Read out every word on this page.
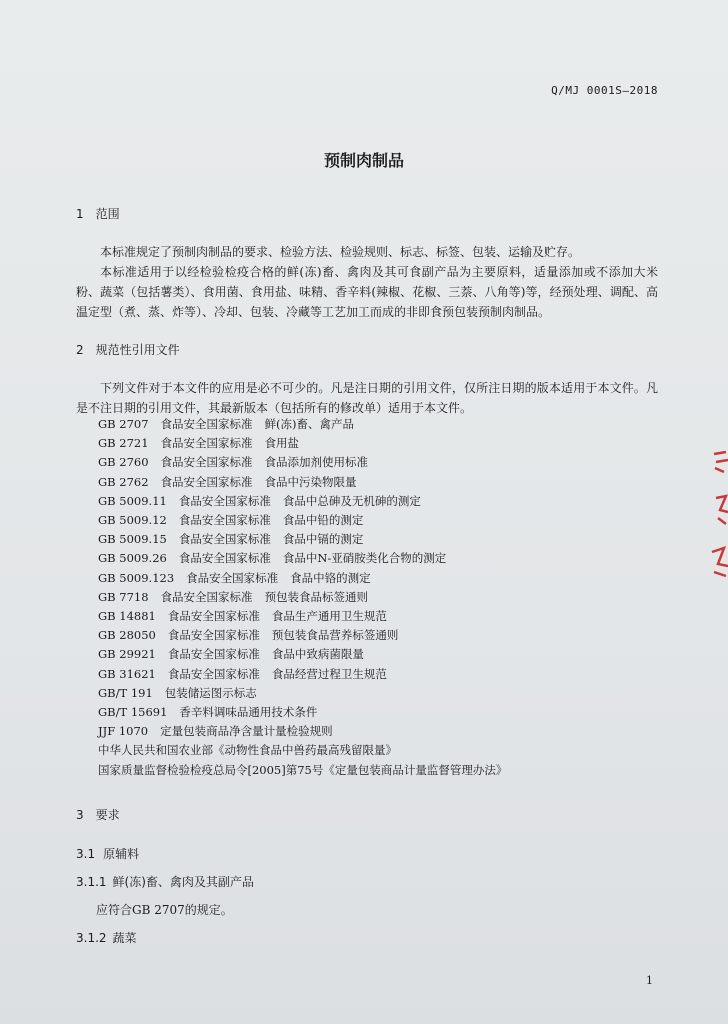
Q/MJ 0001S—2018
预制肉制品
1 范围
本标准规定了预制肉制品的要求、检验方法、检验规则、标志、标签、包装、运输及贮存。
本标准适用于以经检验检疫合格的鲜(冻)畜、禽肉及其可食副产品为主要原料，适量添加或不添加大米粉、蔬菜（包括薯类）、食用菌、食用盐、味精、香辛料(辣椒、花椒、三萘、八角等)等，经预处理、调配、高温定型（煮、蒸、炸等）、冷却、包装、冷藏等工艺加工而成的非即食预包装预制肉制品。
2 规范性引用文件
下列文件对于本文件的应用是必不可少的。凡是注日期的引用文件，仅所注日期的版本适用于本文件。凡是不注日期的引用文件，其最新版本（包括所有的修改单）适用于本文件。
GB 2707 食品安全国家标准 鲜(冻)畜、禽产品
GB 2721 食品安全国家标准 食用盐
GB 2760 食品安全国家标准 食品添加剂使用标准
GB 2762 食品安全国家标准 食品中污染物限量
GB 5009.11 食品安全国家标准 食品中总砷及无机砷的测定
GB 5009.12 食品安全国家标准 食品中铅的测定
GB 5009.15 食品安全国家标准 食品中镉的测定
GB 5009.26 食品安全国家标准 食品中N-亚硝胺类化合物的测定
GB 5009.123 食品安全国家标准 食品中铬的测定
GB 7718 食品安全国家标准 预包装食品标签通则
GB 14881 食品安全国家标准 食品生产通用卫生规范
GB 28050 食品安全国家标准 预包装食品营养标签通则
GB 29921 食品安全国家标准 食品中致病菌限量
GB 31621 食品安全国家标准 食品经营过程卫生规范
GB/T 191 包装储运图示标志
GB/T 15691 香辛料调味品通用技术条件
JJF 1070 定量包装商品净含量计量检验规则
中华人民共和国农业部《动物性食品中兽药最高残留限量》
国家质量监督检验检疫总局令[2005]第75号《定量包装商品计量监督管理办法》
3 要求
3.1 原辅料
3.1.1 鲜(冻)畜、禽肉及其副产品
应符合GB 2707的规定。
3.1.2 蔬菜
1
